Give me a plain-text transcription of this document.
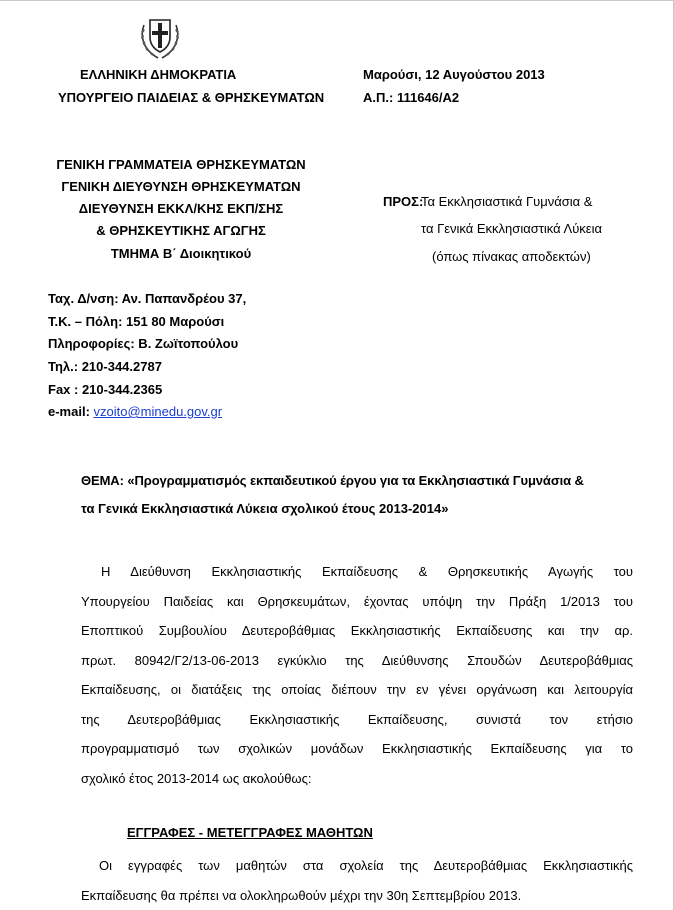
ΕΛΛΗΝΙΚΗ ΔΗΜΟΚΡΑΤΙΑ
ΥΠΟΥΡΓΕΙΟ ΠΑΙΔΕΙΑΣ & ΘΡΗΣΚΕΥΜΑΤΩΝ
Μαρούσι, 12 Αυγούστου 2013
Α.Π.: 111646/Α2
ΓΕΝΙΚΗ ΓΡΑΜΜΑΤΕΙΑ ΘΡΗΣΚΕΥΜΑΤΩΝ
ΓΕΝΙΚΗ ΔΙΕΥΘΥΝΣΗ ΘΡΗΣΚΕΥΜΑΤΩΝ
ΔΙΕΥΘΥΝΣΗ ΕΚΚΛ/ΚΗΣ ΕΚΠ/ΣΗΣ
& ΘΡΗΣΚΕΥΤΙΚΗΣ ΑΓΩΓΗΣ
ΤΜΗΜΑ Β΄ Διοικητικού
ΠΡΟΣ:
Τα Εκκλησιαστικά Γυμνάσια &
τα Γενικά Εκκλησιαστικά Λύκεια
(όπως πίνακας αποδεκτών)
Ταχ. Δ/νση: Αν. Παπανδρέου 37,
Τ.Κ. – Πόλη: 151 80 Μαρούσι
Πληροφορίες: Β. Ζωϊτοπούλου
Τηλ.: 210-344.2787
Fax : 210-344.2365
e-mail: vzoito@minedu.gov.gr
ΘΕΜΑ: «Προγραμματισμός εκπαιδευτικού έργου για τα Εκκλησιαστικά Γυμνάσια &
τα Γενικά Εκκλησιαστικά Λύκεια σχολικού έτους 2013-2014»
Η Διεύθυνση Εκκλησιαστικής Εκπαίδευσης & Θρησκευτικής Αγωγής του
Υπουργείου Παιδείας και Θρησκευμάτων, έχοντας υπόψη την Πράξη 1/2013 του
Εποπτικού Συμβουλίου Δευτεροβάθμιας Εκκλησιαστικής Εκπαίδευσης και την αρ.
πρωτ. 80942/Γ2/13-06-2013 εγκύκλιο της Διεύθυνσης Σπουδών Δευτεροβάθμιας
Εκπαίδευσης, οι διατάξεις της οποίας διέπουν την εν γένει οργάνωση και λειτουργία
της Δευτεροβάθμιας Εκκλησιαστικής Εκπαίδευσης, συνιστά τον ετήσιο
προγραμματισμό των σχολικών μονάδων Εκκλησιαστικής Εκπαίδευσης για το
σχολικό έτος 2013-2014 ως ακολούθως:
ΕΓΓΡΑΦΕΣ - ΜΕΤΕΓΓΡΑΦΕΣ ΜΑΘΗΤΩΝ
Οι εγγραφές των μαθητών στα σχολεία της Δευτεροβάθμιας Εκκλησιαστικής
Εκπαίδευσης θα πρέπει να ολοκληρωθούν μέχρι την 30η Σεπτεμβρίου 2013.
